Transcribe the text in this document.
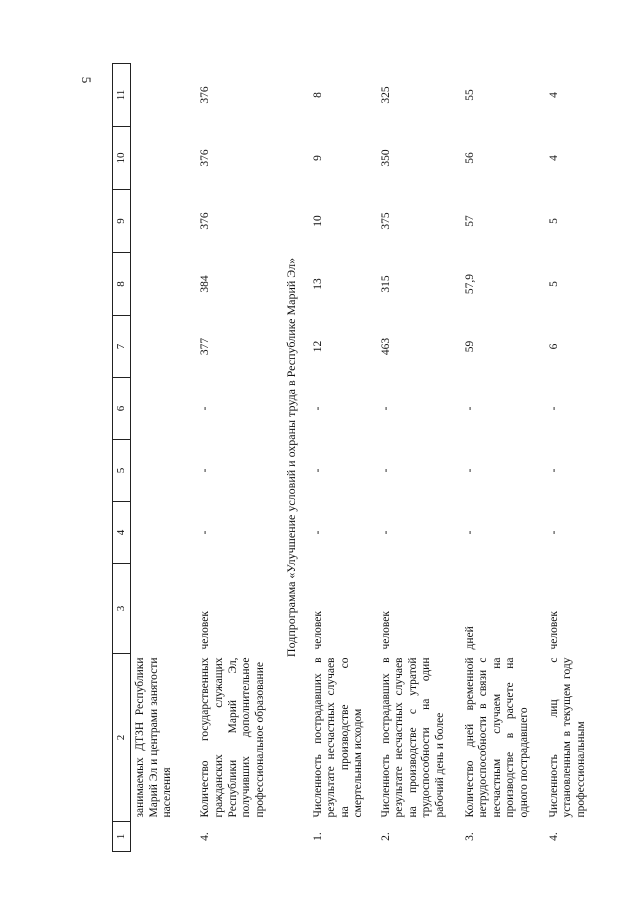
5
1	2	3	4	5	6	7	8	9	10	11
	занимаемых ДТЗН Республики Марий Эл и центрами занятости населения									
4.	Количество государственных гражданских служащих Республики Марий Эл, получивших дополнительное профессиональное образование	человек	-	-	-	377	384	376	376	376
Подпрограмма «Улучшение условий и охраны труда в Республике Марий Эл»										
1.	Численность пострадавших в результате несчастных случаев на производстве со смертельным исходом	человек	-	-	-	12	13	10	9	8
2.	Численность пострадавших в результате несчастных случаев на производстве с утратой трудоспособности на один рабочий день и более	человек	-	-	-	463	315	375	350	325
3.	Количество дней временной нетрудоспособности в связи с несчастным случаем на производстве в расчете на одного пострадавшего	дней	-	-	-	59	57,9	57	56	55
4.	Численность лиц с установленным в текущем году профессиональным	человек	-	-	-	6	5	5	4	4
